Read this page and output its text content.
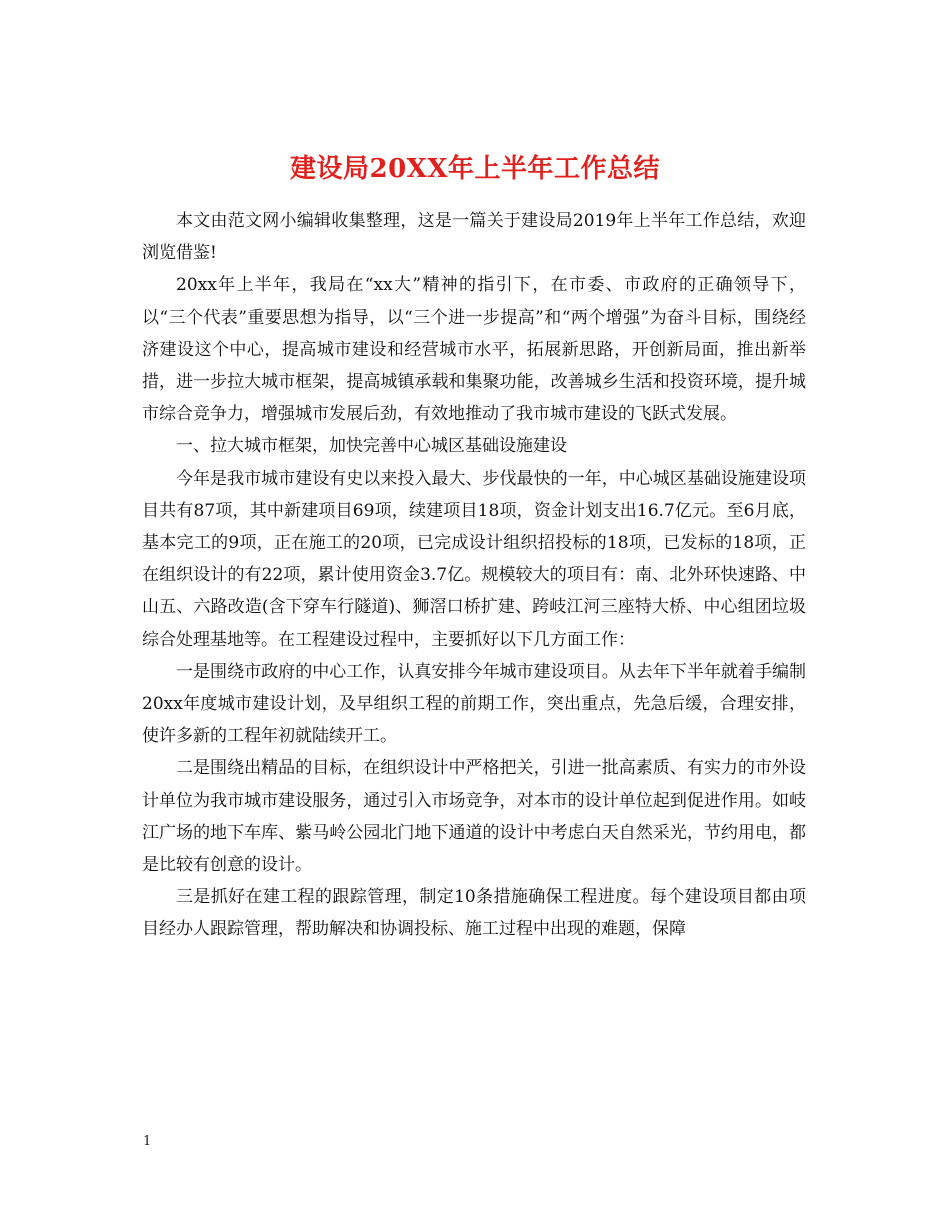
建设局20XX年上半年工作总结

本文由范文网小编辑收集整理，这是一篇关于建设局2019年上半年工作总结，欢迎浏览借鉴!

20xx年上半年，我局在“xx大”精神的指引下，在市委、市政府的正确领导下，以“三个代表”重要思想为指导，以“三个进一步提高”和“两个增强”为奋斗目标，围绕经济建设这个中心，提高城市建设和经营城市水平，拓展新思路，开创新局面，推出新举措，进一步拉大城市框架，提高城镇承载和集聚功能，改善城乡生活和投资环境，提升城市综合竞争力，增强城市发展后劲，有效地推动了我市城市建设的飞跃式发展。

一、拉大城市框架，加快完善中心城区基础设施建设

今年是我市城市建设有史以来投入最大、步伐最快的一年，中心城区基础设施建设项目共有87项，其中新建项目69项，续建项目18项，资金计划支出16.7亿元。至6月底，基本完工的9项，正在施工的20项，已完成设计组织招投标的18项，已发标的18项，正在组织设计的有22项，累计使用资金3.7亿。规模较大的项目有：南、北外环快速路、中山五、六路改造(含下穿车行隧道)、狮滘口桥扩建、跨岐江河三座特大桥、中心组团垃圾综合处理基地等。在工程建设过程中，主要抓好以下几方面工作：

一是围绕市政府的中心工作，认真安排今年城市建设项目。从去年下半年就着手编制20xx年度城市建设计划，及早组织工程的前期工作，突出重点，先急后缓，合理安排，使许多新的工程年初就陆续开工。

二是围绕出精品的目标，在组织设计中严格把关，引进一批高素质、有实力的市外设计单位为我市城市建设服务，通过引入市场竞争，对本市的设计单位起到促进作用。如岐江广场的地下车库、紫马岭公园北门地下通道的设计中考虑白天自然采光，节约用电，都是比较有创意的设计。

三是抓好在建工程的跟踪管理，制定10条措施确保工程进度。每个建设项目都由项目经办人跟踪管理，帮助解决和协调投标、施工过程中出现的难题，保障

1
